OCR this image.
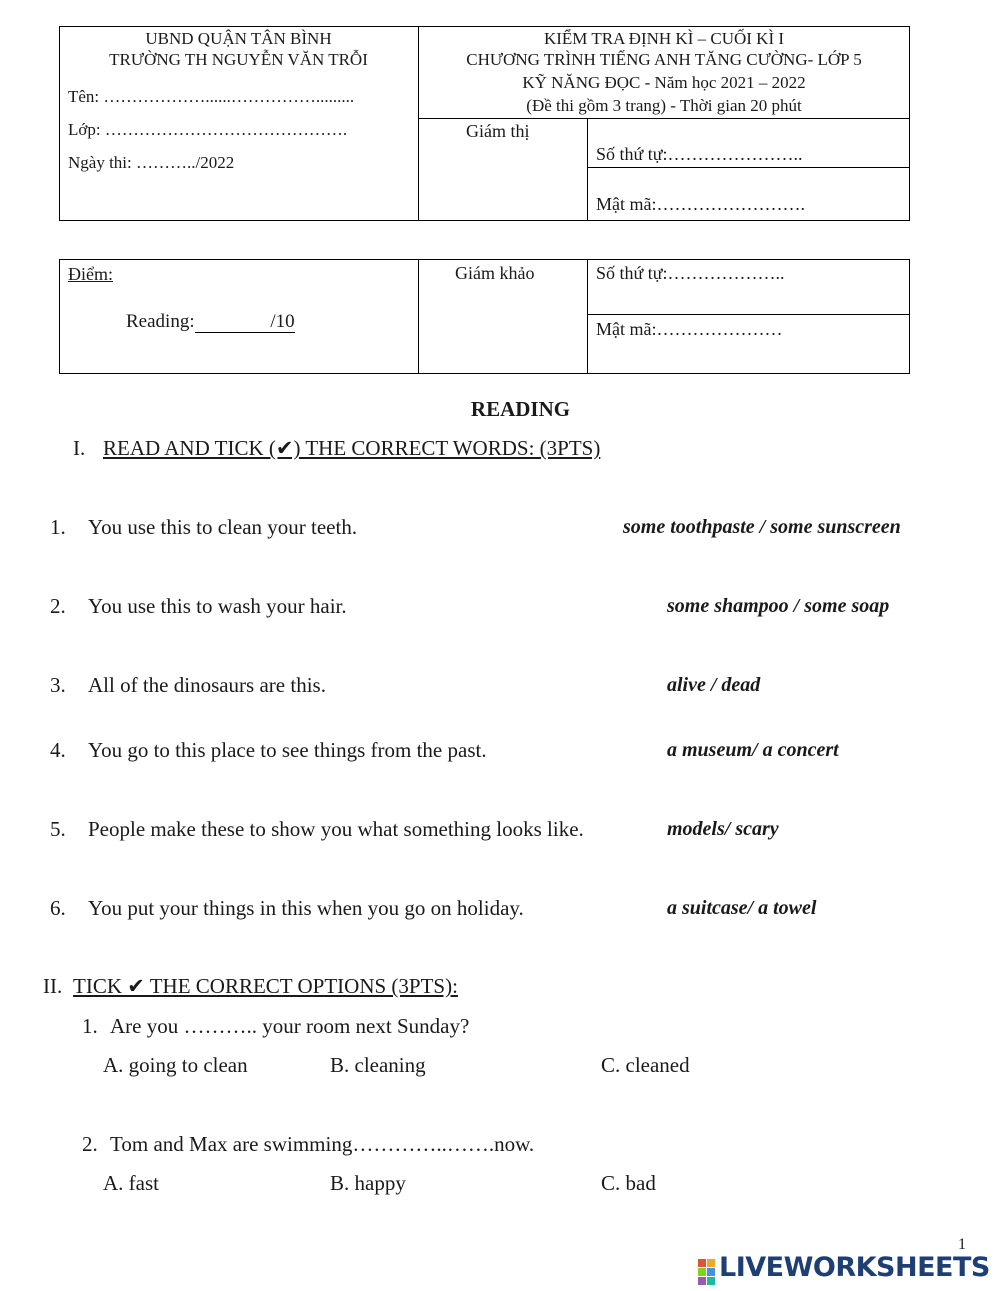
UBND QUẬN TÂN BÌNH
TRƯỜNG TH NGUYỄN VĂN TRỖI
Tên: ………………......…………….........
Lớp: …………………………………….
Ngày thi: ………../2022
KIỂM TRA ĐỊNH KÌ – CUỐI KÌ I
CHƯƠNG TRÌNH TIẾNG ANH TĂNG CƯỜNG- LỚP 5
KỸ NĂNG ĐỌC - Năm học 2021 – 2022
(Đề thi gồm 3 trang) - Thời gian 20 phút
Giám thị
Số thứ tự:…………………..
Mật mã:…………………….
Điểm:
Reading:	/10
Giám khảo	Số thứ tự:………………..
Mật mã:…………………
READING
I. READ AND TICK (✔) THE CORRECT WORDS: (3PTS)
1. You use this to clean your teeth.	some toothpaste / some sunscreen
2. You use this to wash your hair.	some shampoo / some soap
3. All of the dinosaurs are this.	alive / dead
4. You go to this place to see things from the past.	a museum/ a concert
5. People make these to show you what something looks like.	models/ scary
6. You put your things in this when you go on holiday.	a suitcase/ a towel
II. TICK ✔ THE CORRECT OPTIONS (3PTS):
1. Are you ……….. your room next Sunday?
A. going to clean	B. cleaning	C. cleaned
2. Tom and Max are swimming…………..…….now.
A. fast	B. happy	C. bad
1
LIVEWORKSHEETS
